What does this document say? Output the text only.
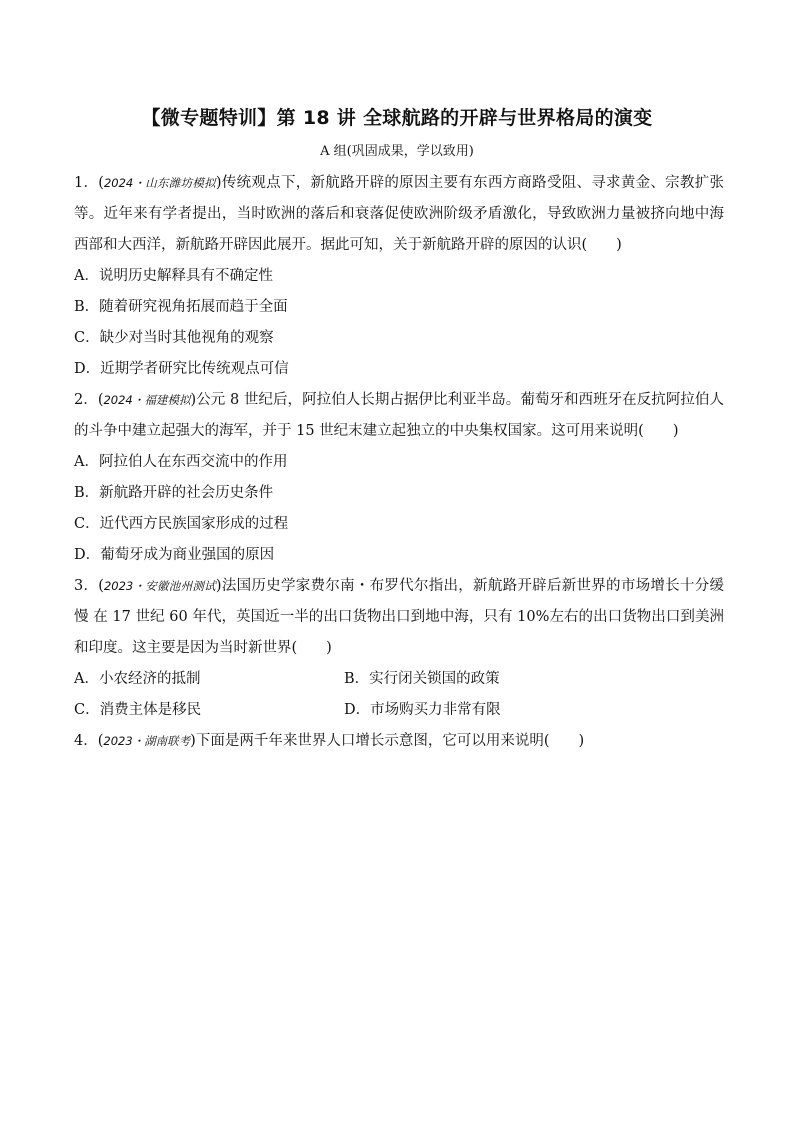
【微专题特训】第 18 讲 全球航路的开辟与世界格局的演变
A 组(巩固成果，学以致用)

1．(2024・山东潍坊模拟)传统观点下，新航路开辟的原因主要有东西方商路受阻、寻求黄金、宗教扩张等。近年来有学者提出，当时欧洲的落后和衰落促使欧洲阶级矛盾激化，导致欧洲力量被挤向地中海西部和大西洋，新航路开辟因此展开。据此可知，关于新航路开辟的原因的认识(　　)

A．说明历史解释具有不确定性

B．随着研究视角拓展而趋于全面

C．缺少对当时其他视角的观察

D．近期学者研究比传统观点可信

2．(2024・福建模拟)公元 8 世纪后，阿拉伯人长期占据伊比利亚半岛。葡萄牙和西班牙在反抗阿拉伯人的斗争中建立起强大的海军，并于 15 世纪末建立起独立的中央集权国家。这可用来说明(　　)

A．阿拉伯人在东西交流中的作用

B．新航路开辟的社会历史条件

C．近代西方民族国家形成的过程

D．葡萄牙成为商业强国的原因

3．(2023・安徽池州测试)法国历史学家费尔南・布罗代尔指出，新航路开辟后新世界的市场增长十分缓慢 在 17 世纪 60 年代，英国近一半的出口货物出口到地中海，只有 10%左右的出口货物出口到美洲和印度。这主要是因为当时新世界(　　)

A．小农经济的抵制	B．实行闭关锁国的政策

C．消费主体是移民	D．市场购买力非常有限

4．(2023・湖南联考)下面是两千年来世界人口增长示意图，它可以用来说明(　　)
